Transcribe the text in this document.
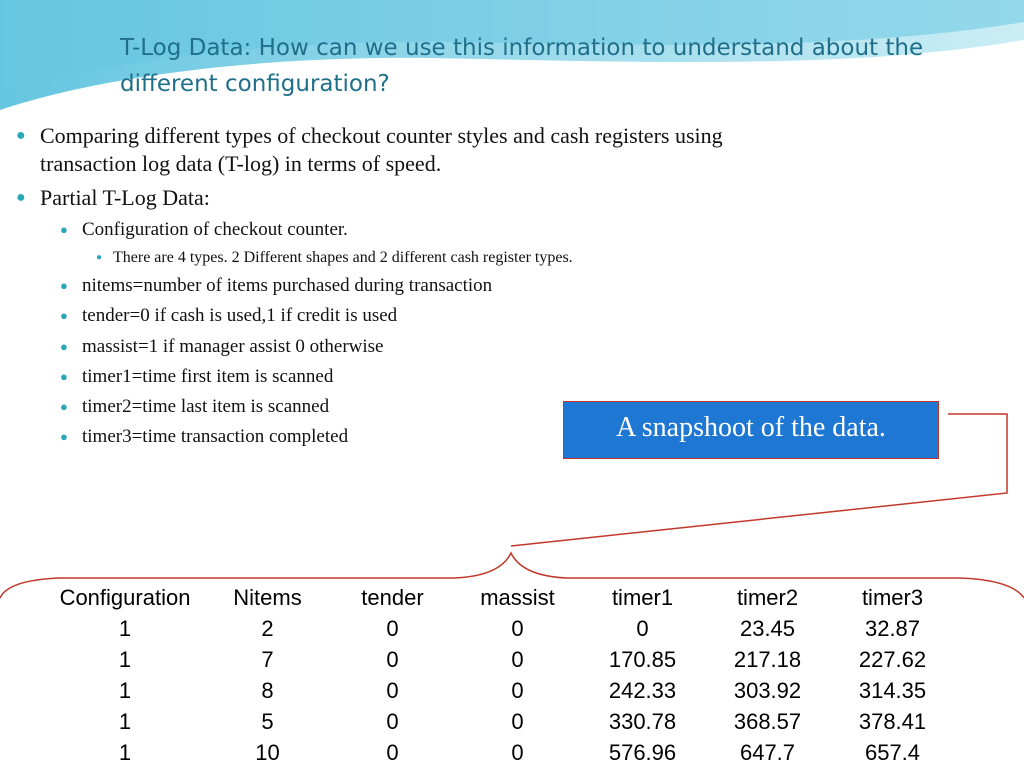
T-Log Data: How can we use this information to understand about the different configuration?
● Comparing different types of checkout counter styles and cash registers using
transaction log data (T-log) in terms of speed.
● Partial T-Log Data:
● Configuration of checkout counter.
● There are 4 types. 2 Different shapes and 2 different cash register types.
● nitems=number of items purchased during transaction
● tender=0 if cash is used,1 if credit is used
● massist=1 if manager assist 0 otherwise
● timer1=time first item is scanned
● timer2=time last item is scanned
● timer3=time transaction completed	A snapshoot of the data.
Configuration	Nitems	tender	massist	timer1	timer2	timer3
1	2	0	0	0	23.45	32.87
1	7	0	0	170.85	217.18	227.62
1	8	0	0	242.33	303.92	314.35
1	5	0	0	330.78	368.57	378.41
1	10	0	0	576.96	647.7	657.4
